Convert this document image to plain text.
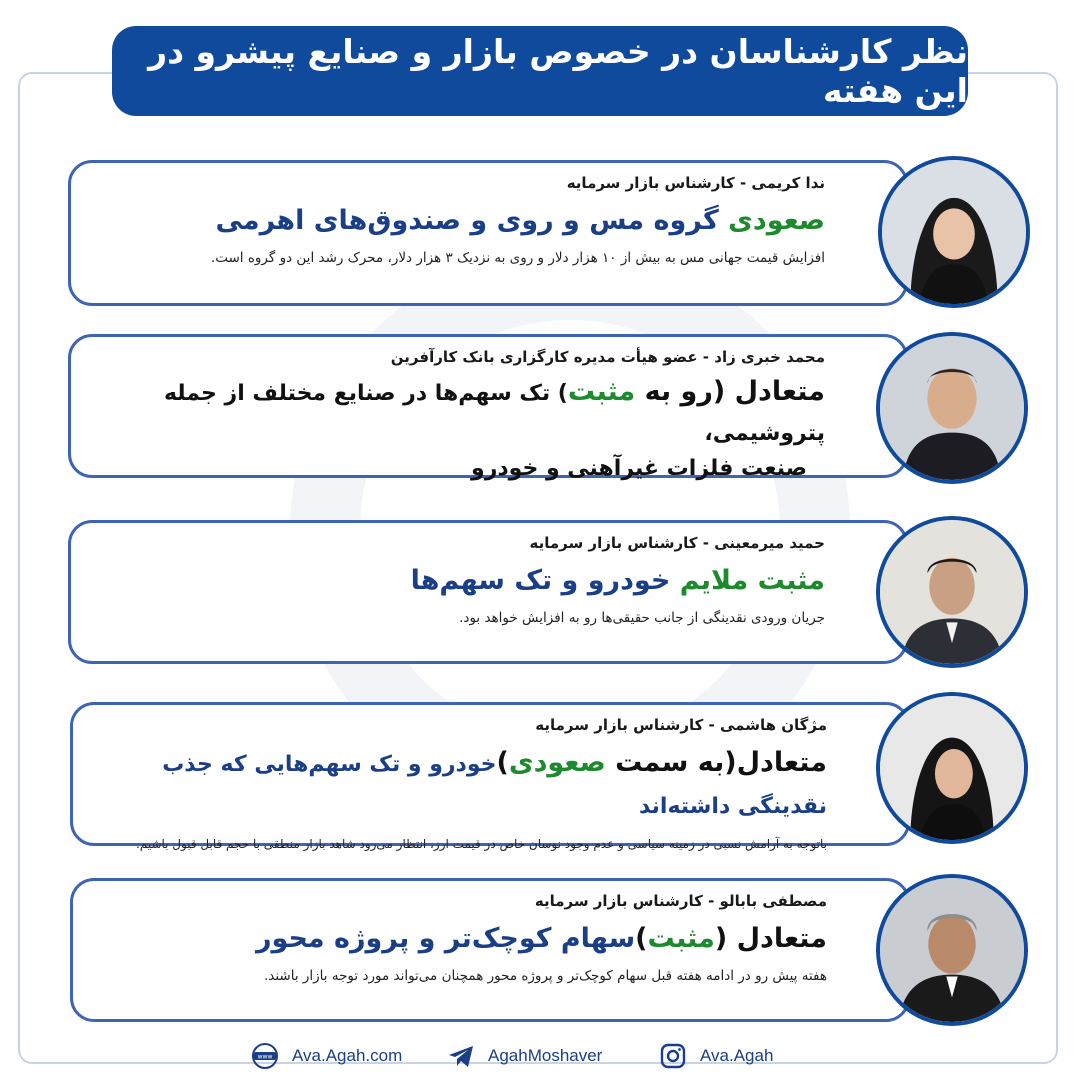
نظر کارشناسان در خصوص بازار و صنایع پیشرو در این هفته
ندا کریمی - کارشناس بازار سرمایه
صعودی گروه مس و روی و صندوق‌های اهرمی
افزایش قیمت جهانی مس به بیش از ۱۰ هزار دلار و روی به نزدیک ۳ هزار دلار، محرک رشد این دو گروه است.
محمد خبری زاد - عضو هیأت مدیره کارگزاری بانک کارآفرین
متعادل (رو به مثبت) تک سهم‌ها در صنایع مختلف از جمله پتروشیمی،
صنعت فلزات غیرآهنی و خودرو
حمید میرمعینی - کارشناس بازار سرمایه
مثبت ملایم خودرو و تک سهم‌ها
جریان ورودی نقدینگی از جانب حقیقی‌ها رو به افزایش خواهد بود.
مژگان هاشمی - کارشناس بازار سرمایه
متعادل(به سمت صعودی)خودرو و تک سهم‌هایی که جذب نقدینگی داشته‌اند
باتوجه به آرامش نسبی در زمینه سیاسی و عدم وجود نوسان خاص در قیمت ارز، انتظار می‌رود شاهد بازار منطقی با حجم قابل قبول باشیم.
مصطفی بابالو - کارشناس بازار سرمایه
متعادل (مثبت)سهام کوچک‌تر و پروژه محور
هفته پیش رو در ادامه هفته قبل سهام کوچک‌تر و پروژه محور همچنان می‌تواند مورد توجه بازار باشند.
www Ava.Agah.com	AgahMoshaver	Ava.Agah
